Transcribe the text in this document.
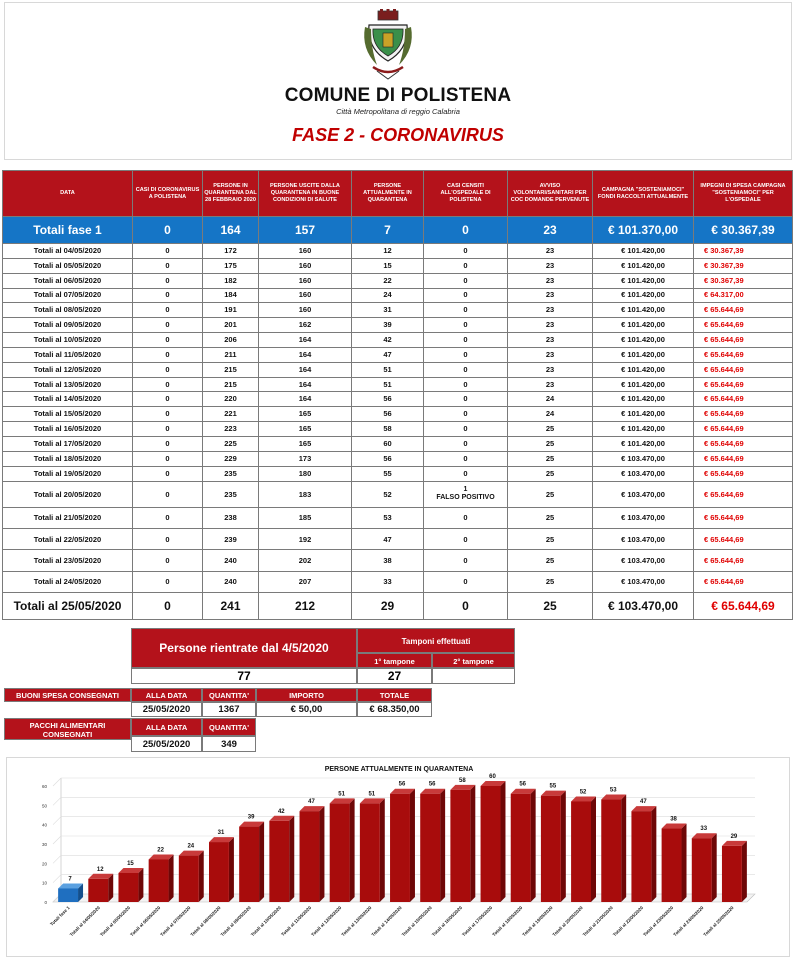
COMUNE DI POLISTENA
Città Metropolitana di reggio Calabria
FASE 2 - CORONAVIRUS
DATA	CASI DI CORONAVIRUS A POLISTENA	PERSONE IN QUARANTENA DAL 28 FEBBRAIO 2020	PERSONE USCITE DALLA QUARANTENA IN BUONE CONDIZIONI DI SALUTE	PERSONE ATTUALMENTE IN QUARANTENA	CASI CENSITI ALL'OSPEDALE DI POLISTENA	AVVISO VOLONTARI/SANITARI PER COC DOMANDE PERVENUTE	CAMPAGNA "SOSTENIAMOCI" FONDI RACCOLTI ATTUALMENTE	IMPEGNI DI SPESA CAMPAGNA "SOSTENIAMOCI" PER L'OSPEDALE
Totali fase 1	0	164	157	7	0	23	€ 101.370,00	€ 30.367,39
Totali al 04/05/2020	0	172	160	12	0	23	€ 101.420,00	€ 30.367,39
Totali al 05/05/2020	0	175	160	15	0	23	€ 101.420,00	€ 30.367,39
Totali al 06/05/2020	0	182	160	22	0	23	€ 101.420,00	€ 30.367,39
Totali al 07/05/2020	0	184	160	24	0	23	€ 101.420,00	€ 64.317,00
Totali al 08/05/2020	0	191	160	31	0	23	€ 101.420,00	€ 65.644,69
Totali al 09/05/2020	0	201	162	39	0	23	€ 101.420,00	€ 65.644,69
Totali al 10/05/2020	0	206	164	42	0	23	€ 101.420,00	€ 65.644,69
Totali al 11/05/2020	0	211	164	47	0	23	€ 101.420,00	€ 65.644,69
Totali al 12/05/2020	0	215	164	51	0	23	€ 101.420,00	€ 65.644,69
Totali al 13/05/2020	0	215	164	51	0	23	€ 101.420,00	€ 65.644,69
Totali al 14/05/2020	0	220	164	56	0	24	€ 101.420,00	€ 65.644,69
Totali al 15/05/2020	0	221	165	56	0	24	€ 101.420,00	€ 65.644,69
Totali al 16/05/2020	0	223	165	58	0	25	€ 101.420,00	€ 65.644,69
Totali al 17/05/2020	0	225	165	60	0	25	€ 101.420,00	€ 65.644,69
Totali al 18/05/2020	0	229	173	56	0	25	€ 103.470,00	€ 65.644,69
Totali al 19/05/2020	0	235	180	55	0	25	€ 103.470,00	€ 65.644,69
Totali al 20/05/2020	0	235	183	52	1
FALSO POSITIVO	25	€ 103.470,00	€ 65.644,69
Totali al 21/05/2020	0	238	185	53	0	25	€ 103.470,00	€ 65.644,69
Totali al 22/05/2020	0	239	192	47	0	25	€ 103.470,00	€ 65.644,69
Totali al 23/05/2020	0	240	202	38	0	25	€ 103.470,00	€ 65.644,69
Totali al 24/05/2020	0	240	207	33	0	25	€ 103.470,00	€ 65.644,69
Totali al 25/05/2020	0	241	212	29	0	25	€ 103.470,00	€ 65.644,69
Persone rientrate dal 4/5/2020
77
Tamponi effettuati
1° tampone	2° tampone
27
BUONI SPESA CONSEGNATI	ALLA DATA	QUANTITA'	IMPORTO	TOTALE
25/05/2020	1367	€ 50,00	€ 68.350,00
PACCHI ALIMENTARI CONSEGNATI
ALLA DATA	QUANTITA'
25/05/2020	349
PERSONE ATTUALMENTE IN QUARANTENA
0
10
20
30
40
50
60
7
Totali fase 1
12
Totali al 04/05/2020
15
Totali al 05/05/2020
22
Totali al 06/05/2020
24
Totali al 07/05/2020
31
Totali al 08/05/2020
39
Totali al 09/05/2020
42
Totali al 10/05/2020
47
Totali al 11/05/2020
51
Totali al 12/05/2020
51
Totali al 13/05/2020
56
Totali al 14/05/2020
56
Totali al 15/05/2020
58
Totali al 16/05/2020
60
Totali al 17/05/2020
56
Totali al 18/05/2020
55
Totali al 19/05/2020
52
Totali al 20/05/2020
53
Totali al 21/05/2020
47
Totali al 22/05/2020
38
Totali al 23/05/2020
33
Totali al 24/05/2020
29
Totali al 25/05/2020
